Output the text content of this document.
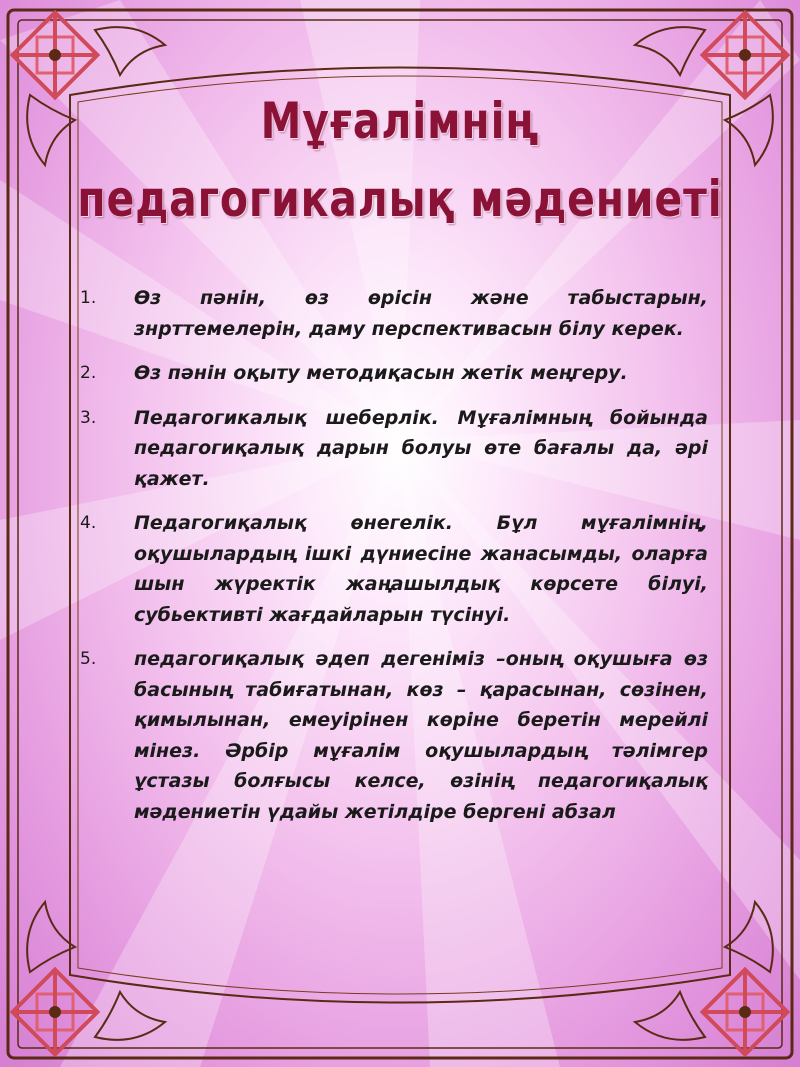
Мұғалімнің
педагогикалық мәдениеті
1. Өз пәнін, өз өрісін және табыстарын, знрттемелерін, даму перспективасын білу керек.
2. Өз пәнін оқыту методиқасын жетік меңгеру.
3. Педагогикалық шеберлік. Мұғалімның бойында педагогиқалық дарын болуы өте бағалы да, әрі қажет.
4. Педагогиқалық өнегелік. Бұл мұғалімнің, оқушылардың ішкі дүниесіне жанасымды, оларға шын жүректік жаңашылдық көрсете білуі, субьективті жағдайларын түсінуі.
5. педагогиқалық әдеп дегеніміз –оның оқушыға өз басының табиғатынан, көз – қарасынан, сөзінен, қимылынан, емеуірінен көріне беретін мерейлі мінез. Әрбір мұғалім оқушылардың тәлімгер ұстазы болғысы келсе, өзінің педагогиқалық мәдениетін үдайы жетілдіре бергені абзал
